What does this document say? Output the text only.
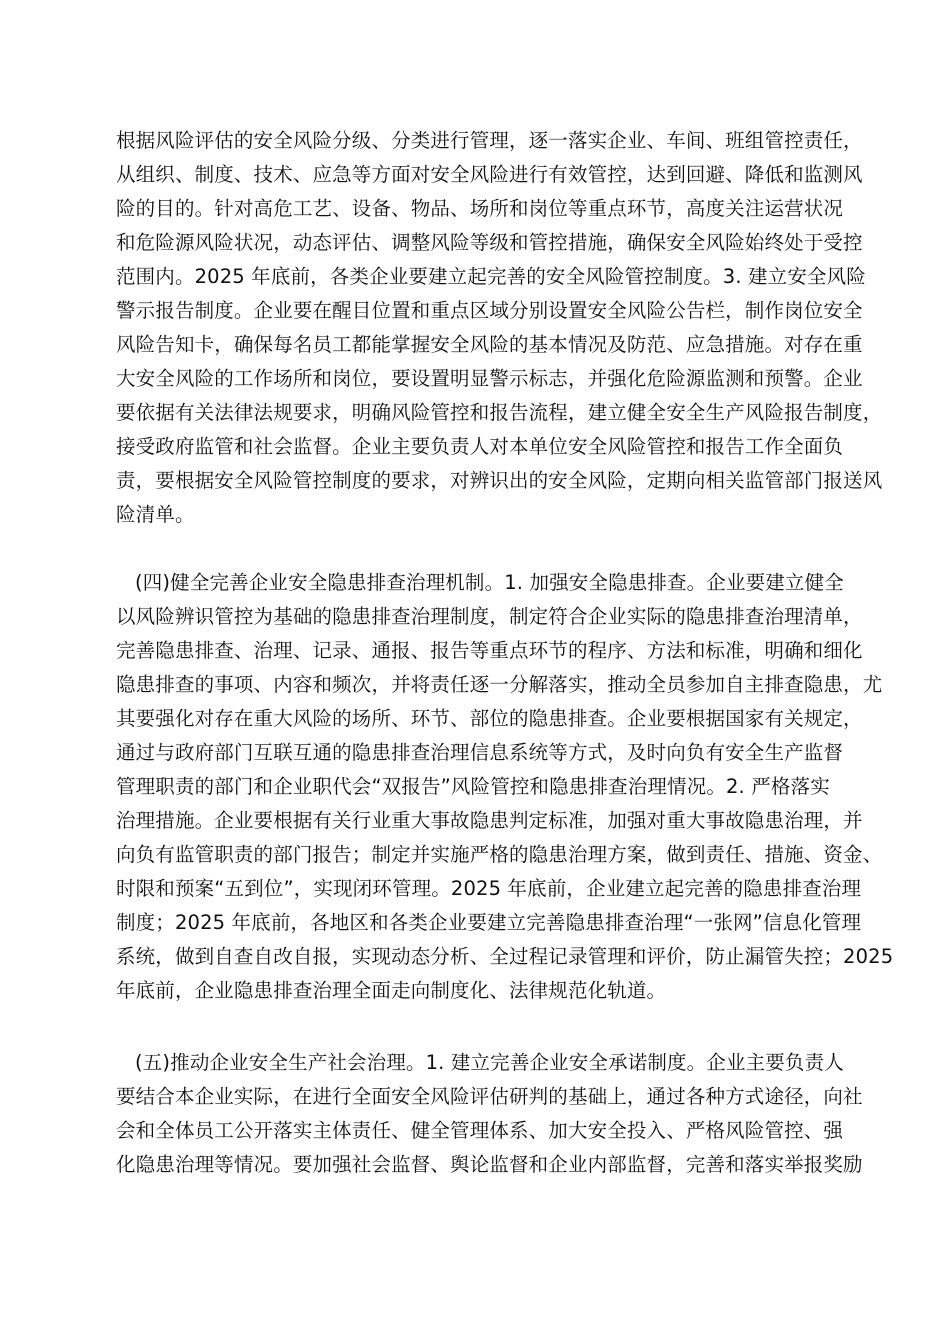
根据风险评估的安全风险分级、分类进行管理，逐一落实企业、车间、班组管控责任，
从组织、制度、技术、应急等方面对安全风险进行有效管控，达到回避、降低和监测风
险的目的。针对高危工艺、设备、物品、场所和岗位等重点环节，高度关注运营状况
和危险源风险状况，动态评估、调整风险等级和管控措施，确保安全风险始终处于受控
范围内。2025 年底前，各类企业要建立起完善的安全风险管控制度。3. 建立安全风险
警示报告制度。企业要在醒目位置和重点区域分别设置安全风险公告栏，制作岗位安全
风险告知卡，确保每名员工都能掌握安全风险的基本情况及防范、应急措施。对存在重
大安全风险的工作场所和岗位，要设置明显警示标志，并强化危险源监测和预警。企业
要依据有关法律法规要求，明确风险管控和报告流程，建立健全安全生产风险报告制度，
接受政府监管和社会监督。企业主要负责人对本单位安全风险管控和报告工作全面负
责，要根据安全风险管控制度的要求，对辨识出的安全风险，定期向相关监管部门报送风
险清单。
(四)健全完善企业安全隐患排查治理机制。1. 加强安全隐患排查。企业要建立健全
以风险辨识管控为基础的隐患排查治理制度，制定符合企业实际的隐患排查治理清单，
完善隐患排查、治理、记录、通报、报告等重点环节的程序、方法和标准，明确和细化
隐患排查的事项、内容和频次，并将责任逐一分解落实，推动全员参加自主排查隐患，尤
其要强化对存在重大风险的场所、环节、部位的隐患排查。企业要根据国家有关规定，
通过与政府部门互联互通的隐患排查治理信息系统等方式，及时向负有安全生产监督
管理职责的部门和企业职代会“双报告”风险管控和隐患排查治理情况。2. 严格落实
治理措施。企业要根据有关行业重大事故隐患判定标准，加强对重大事故隐患治理，并
向负有监管职责的部门报告；制定并实施严格的隐患治理方案，做到责任、措施、资金、
时限和预案“五到位”，实现闭环管理。2025 年底前，企业建立起完善的隐患排查治理
制度；2025 年底前，各地区和各类企业要建立完善隐患排查治理“一张网”信息化管理
系统，做到自查自改自报，实现动态分析、全过程记录管理和评价，防止漏管失控；2025
年底前，企业隐患排查治理全面走向制度化、法律规范化轨道。
(五)推动企业安全生产社会治理。1. 建立完善企业安全承诺制度。企业主要负责人
要结合本企业实际，在进行全面安全风险评估研判的基础上，通过各种方式途径，向社
会和全体员工公开落实主体责任、健全管理体系、加大安全投入、严格风险管控、强
化隐患治理等情况。要加强社会监督、舆论监督和企业内部监督，完善和落实举报奖励
